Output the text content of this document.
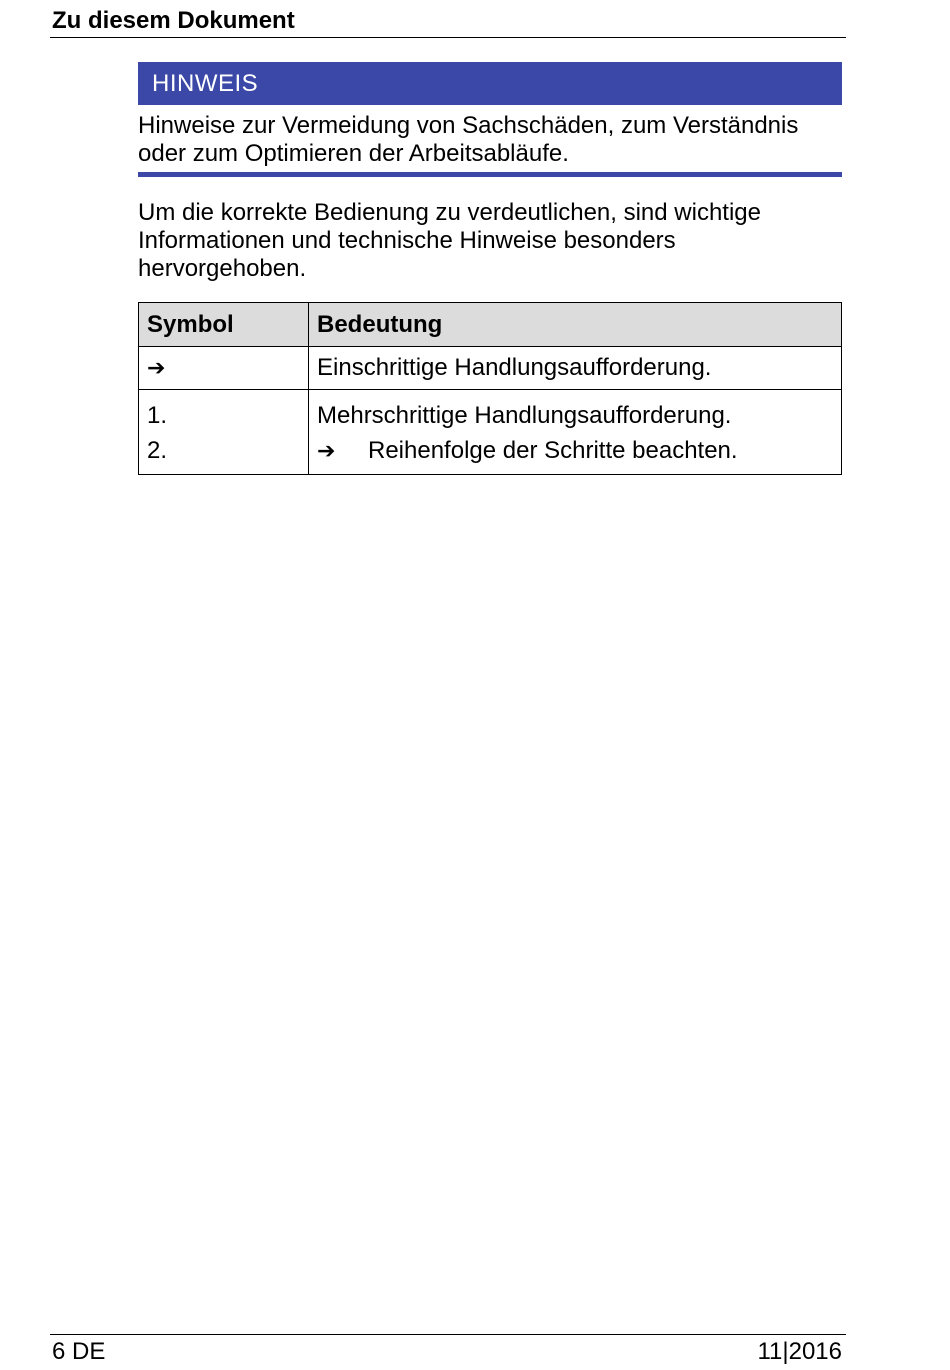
Zu diesem Dokument
HINWEIS
Hinweise zur Vermeidung von Sachschäden, zum Verständnis oder zum Optimieren der Arbeitsabläufe.
Um die korrekte Bedienung zu verdeutlichen, sind wichtige Informationen und technische Hinweise besonders hervorgehoben.
Symbol	Bedeutung
➔	Einschrittige Handlungsaufforderung.

1.
2.	Mehrschrittige Handlungsaufforderung.
➔ Reihenfolge der Schritte beachten.
6 DE	11|2016
